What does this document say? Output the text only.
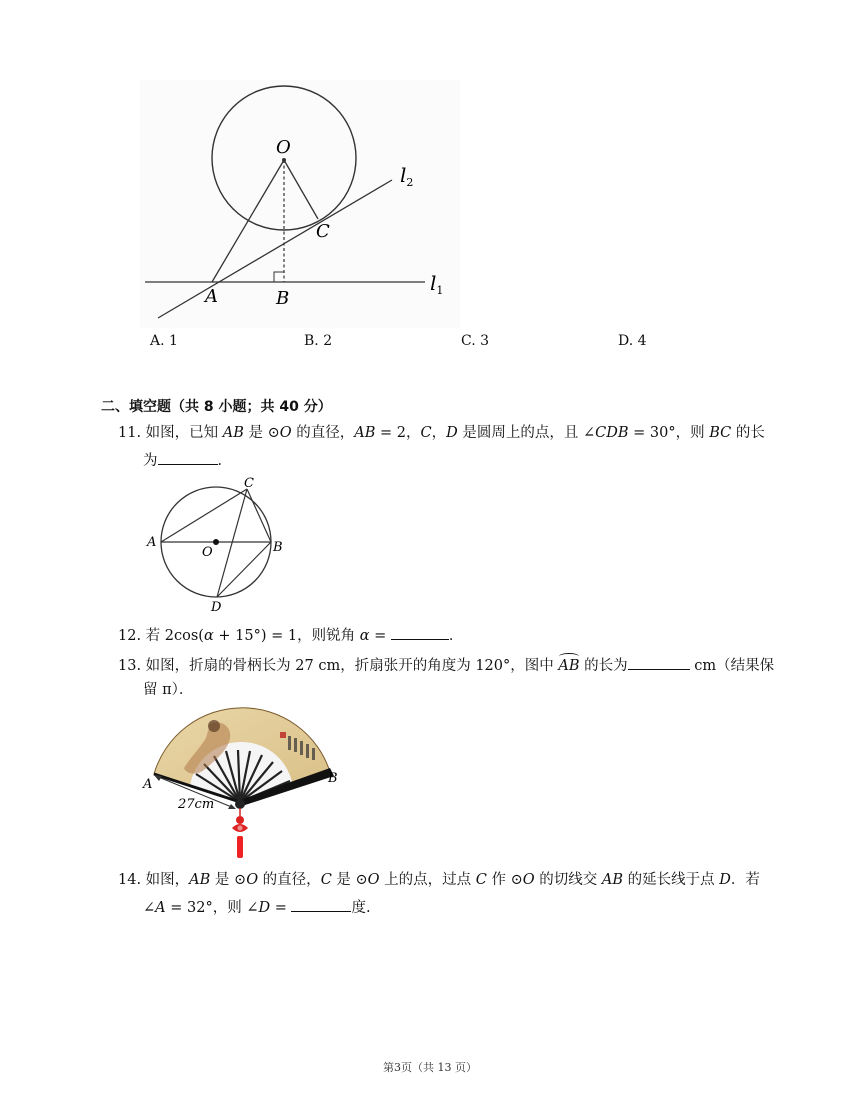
O
C
A	B
$l_1$
$l_2$
A. 1	B. 2	C. 3	D. 4
二、填空题（共 8 小题；共 40 分）
11. 如图，已知 AB 是 ⊙O 的直径，AB = 2，C，D 是圆周上的点，且 ∠CDB = 30°，则 BC 的长
为	．
A	B
C
D
O
12. 若 2cos(α + 15°) = 1，则锐角 α =	．
13. 如图，折扇的骨柄长为 27 cm，折扇张开的角度为 120°，图中
AB 的长为	cm（结果保
留 π）．
A	B
27cm
14. 如图，AB 是 ⊙O 的直径，C 是 ⊙O 上的点，过点 C 作 ⊙O 的切线交 AB 的延长线于点 D．若
∠A = 32°，则 ∠D =	度.
第3页（共 13 页）
